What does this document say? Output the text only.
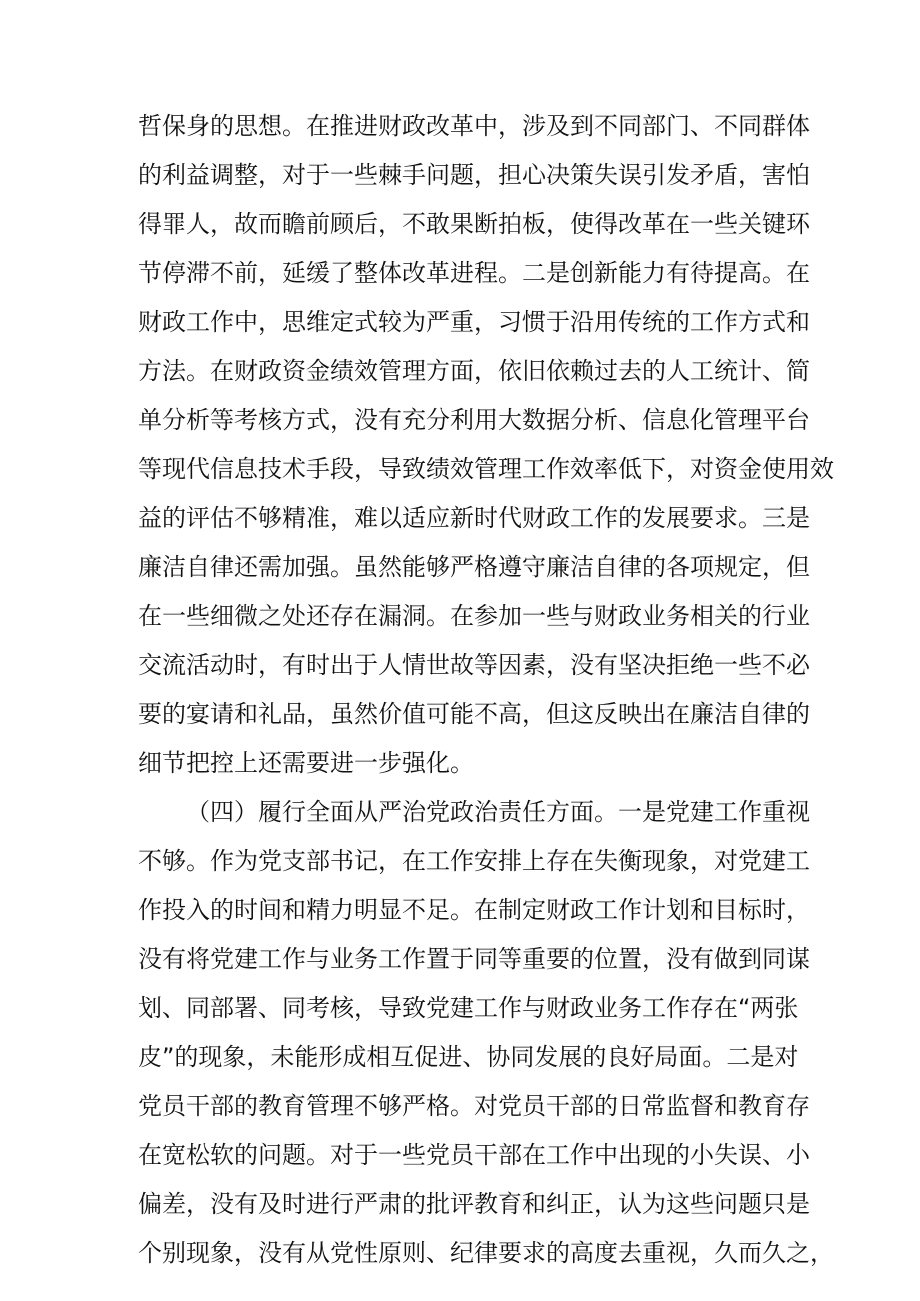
哲保身的思想。在推进财政改革中，涉及到不同部门、不同群体

的利益调整，对于一些棘手问题，担心决策失误引发矛盾，害怕

得罪人，故而瞻前顾后，不敢果断拍板，使得改革在一些关键环

节停滞不前，延缓了整体改革进程。二是创新能力有待提高。在

财政工作中，思维定式较为严重，习惯于沿用传统的工作方式和

方法。在财政资金绩效管理方面，依旧依赖过去的人工统计、简

单分析等考核方式，没有充分利用大数据分析、信息化管理平台

等现代信息技术手段，导致绩效管理工作效率低下，对资金使用效

益的评估不够精准，难以适应新时代财政工作的发展要求。三是

廉洁自律还需加强。虽然能够严格遵守廉洁自律的各项规定，但

在一些细微之处还存在漏洞。在参加一些与财政业务相关的行业

交流活动时，有时出于人情世故等因素，没有坚决拒绝一些不必

要的宴请和礼品，虽然价值可能不高，但这反映出在廉洁自律的

细节把控上还需要进一步强化。

（四）履行全面从严治党政治责任方面。一是党建工作重视

不够。作为党支部书记，在工作安排上存在失衡现象，对党建工

作投入的时间和精力明显不足。在制定财政工作计划和目标时，

没有将党建工作与业务工作置于同等重要的位置，没有做到同谋

划、同部署、同考核，导致党建工作与财政业务工作存在“两张

皮”的现象，未能形成相互促进、协同发展的良好局面。二是对

党员干部的教育管理不够严格。对党员干部的日常监督和教育存

在宽松软的问题。对于一些党员干部在工作中出现的小失误、小

偏差，没有及时进行严肃的批评教育和纠正，认为这些问题只是

个别现象，没有从党性原则、纪律要求的高度去重视，久而久之，
